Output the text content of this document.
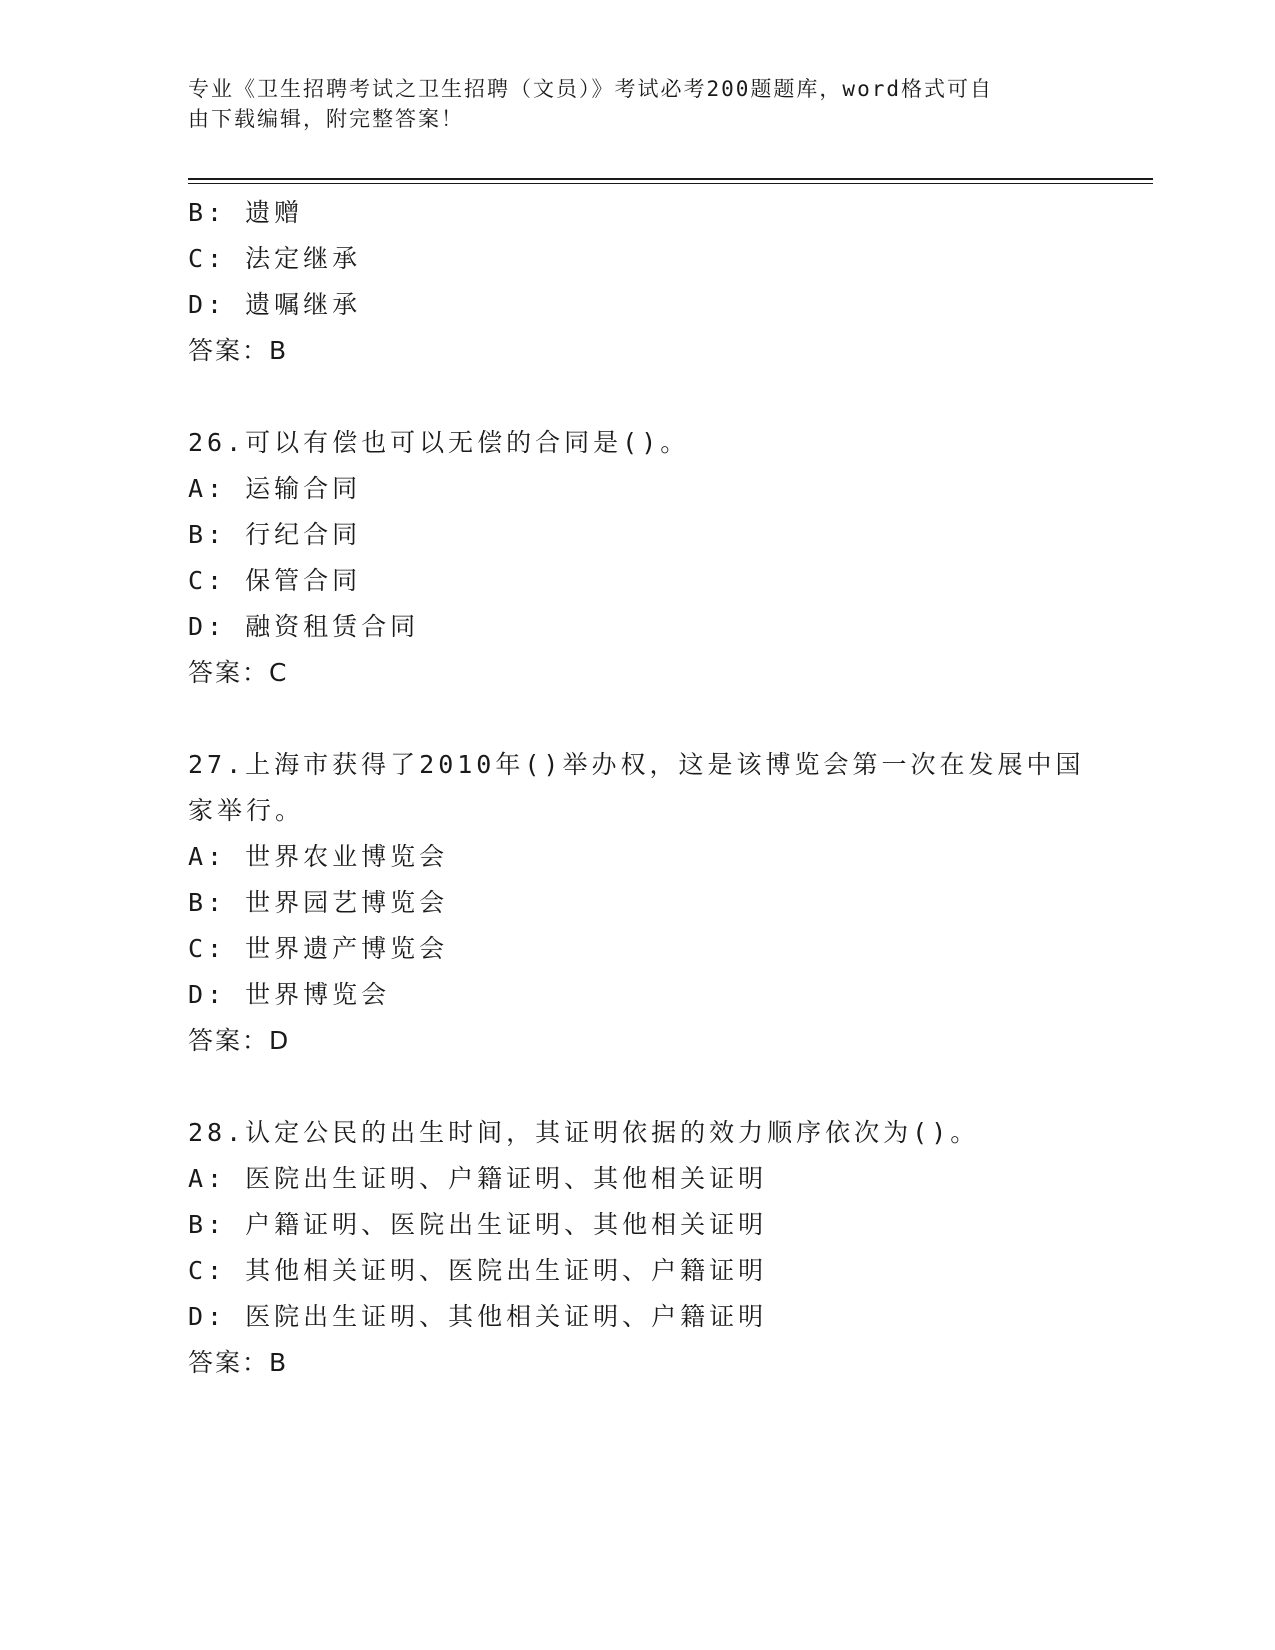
专业《卫生招聘考试之卫生招聘（文员）》考试必考200题题库，word格式可自
由下载编辑，附完整答案！
B: 遗赠
C: 法定继承
D: 遗嘱继承
答案：B
26.可以有偿也可以无偿的合同是()。
A: 运输合同
B: 行纪合同
C: 保管合同
D: 融资租赁合同
答案：C
27.上海市获得了2010年()举办权，这是该博览会第一次在发展中国
家举行。
A: 世界农业博览会
B: 世界园艺博览会
C: 世界遗产博览会
D: 世界博览会
答案：D
28.认定公民的出生时间，其证明依据的效力顺序依次为()。
A: 医院出生证明、户籍证明、其他相关证明
B: 户籍证明、医院出生证明、其他相关证明
C: 其他相关证明、医院出生证明、户籍证明
D: 医院出生证明、其他相关证明、户籍证明
答案：B
